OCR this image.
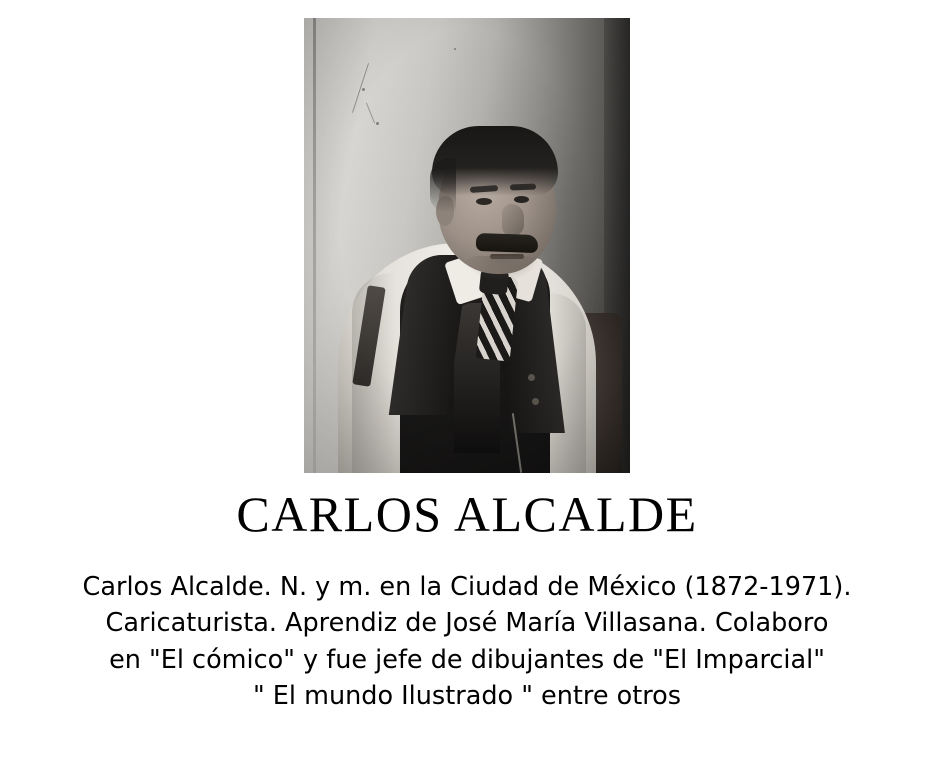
CARLOS ALCALDE
Carlos Alcalde. N. y m. en la Ciudad de México (1872-1971).
Caricaturista. Aprendiz de José María Villasana. Colaboro
en "El cómico" y fue jefe de dibujantes de "El Imparcial"
" El mundo Ilustrado " entre otros
